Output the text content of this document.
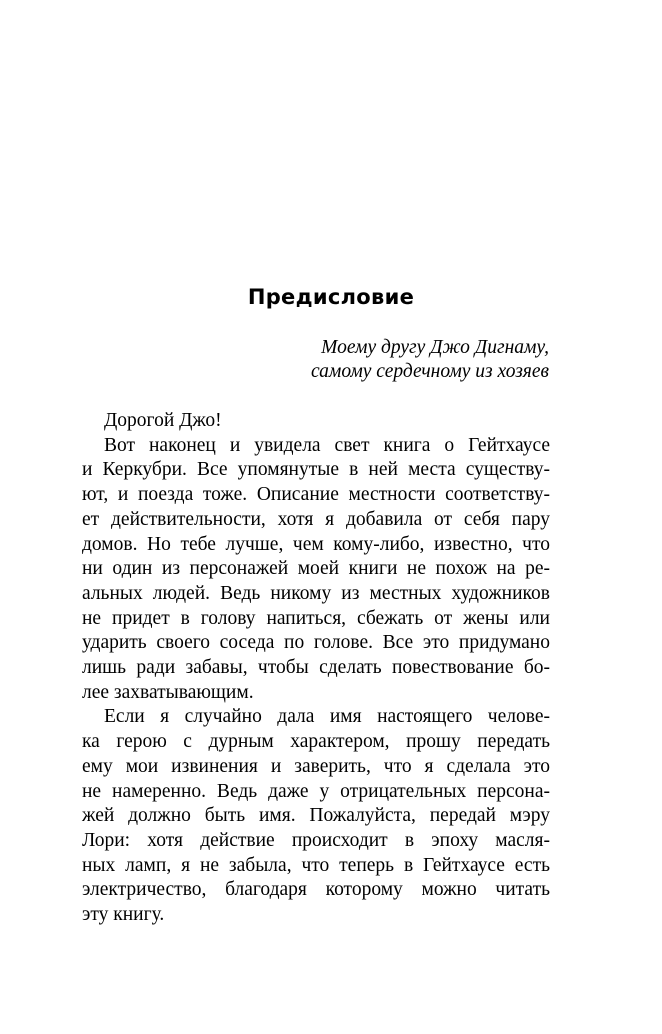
Предисловие
Моему другу Джо Дигнаму,
самому сердечному из хозяев
Дорогой Джо!
Вот наконец и увидела свет книга о Гейтхаусе
и Керкубри. Все упомянутые в ней места существу-
ют, и поезда тоже. Описание местности соответству-
ет действительности, хотя я добавила от себя пару
домов. Но тебе лучше, чем кому-либо, известно, что
ни один из персонажей моей книги не похож на ре-
альных людей. Ведь никому из местных художников
не придет в голову напиться, сбежать от жены или
ударить своего соседа по голове. Все это придумано
лишь ради забавы, чтобы сделать повествование бо-
лее захватывающим.
Если я случайно дала имя настоящего челове-
ка герою с дурным характером, прошу передать
ему мои извинения и заверить, что я сделала это
не намеренно. Ведь даже у отрицательных персона-
жей должно быть имя. Пожалуйста, передай мэру
Лори: хотя действие происходит в эпоху масля-
ных ламп, я не забыла, что теперь в Гейтхаусе есть
электричество, благодаря которому можно читать
эту книгу.
